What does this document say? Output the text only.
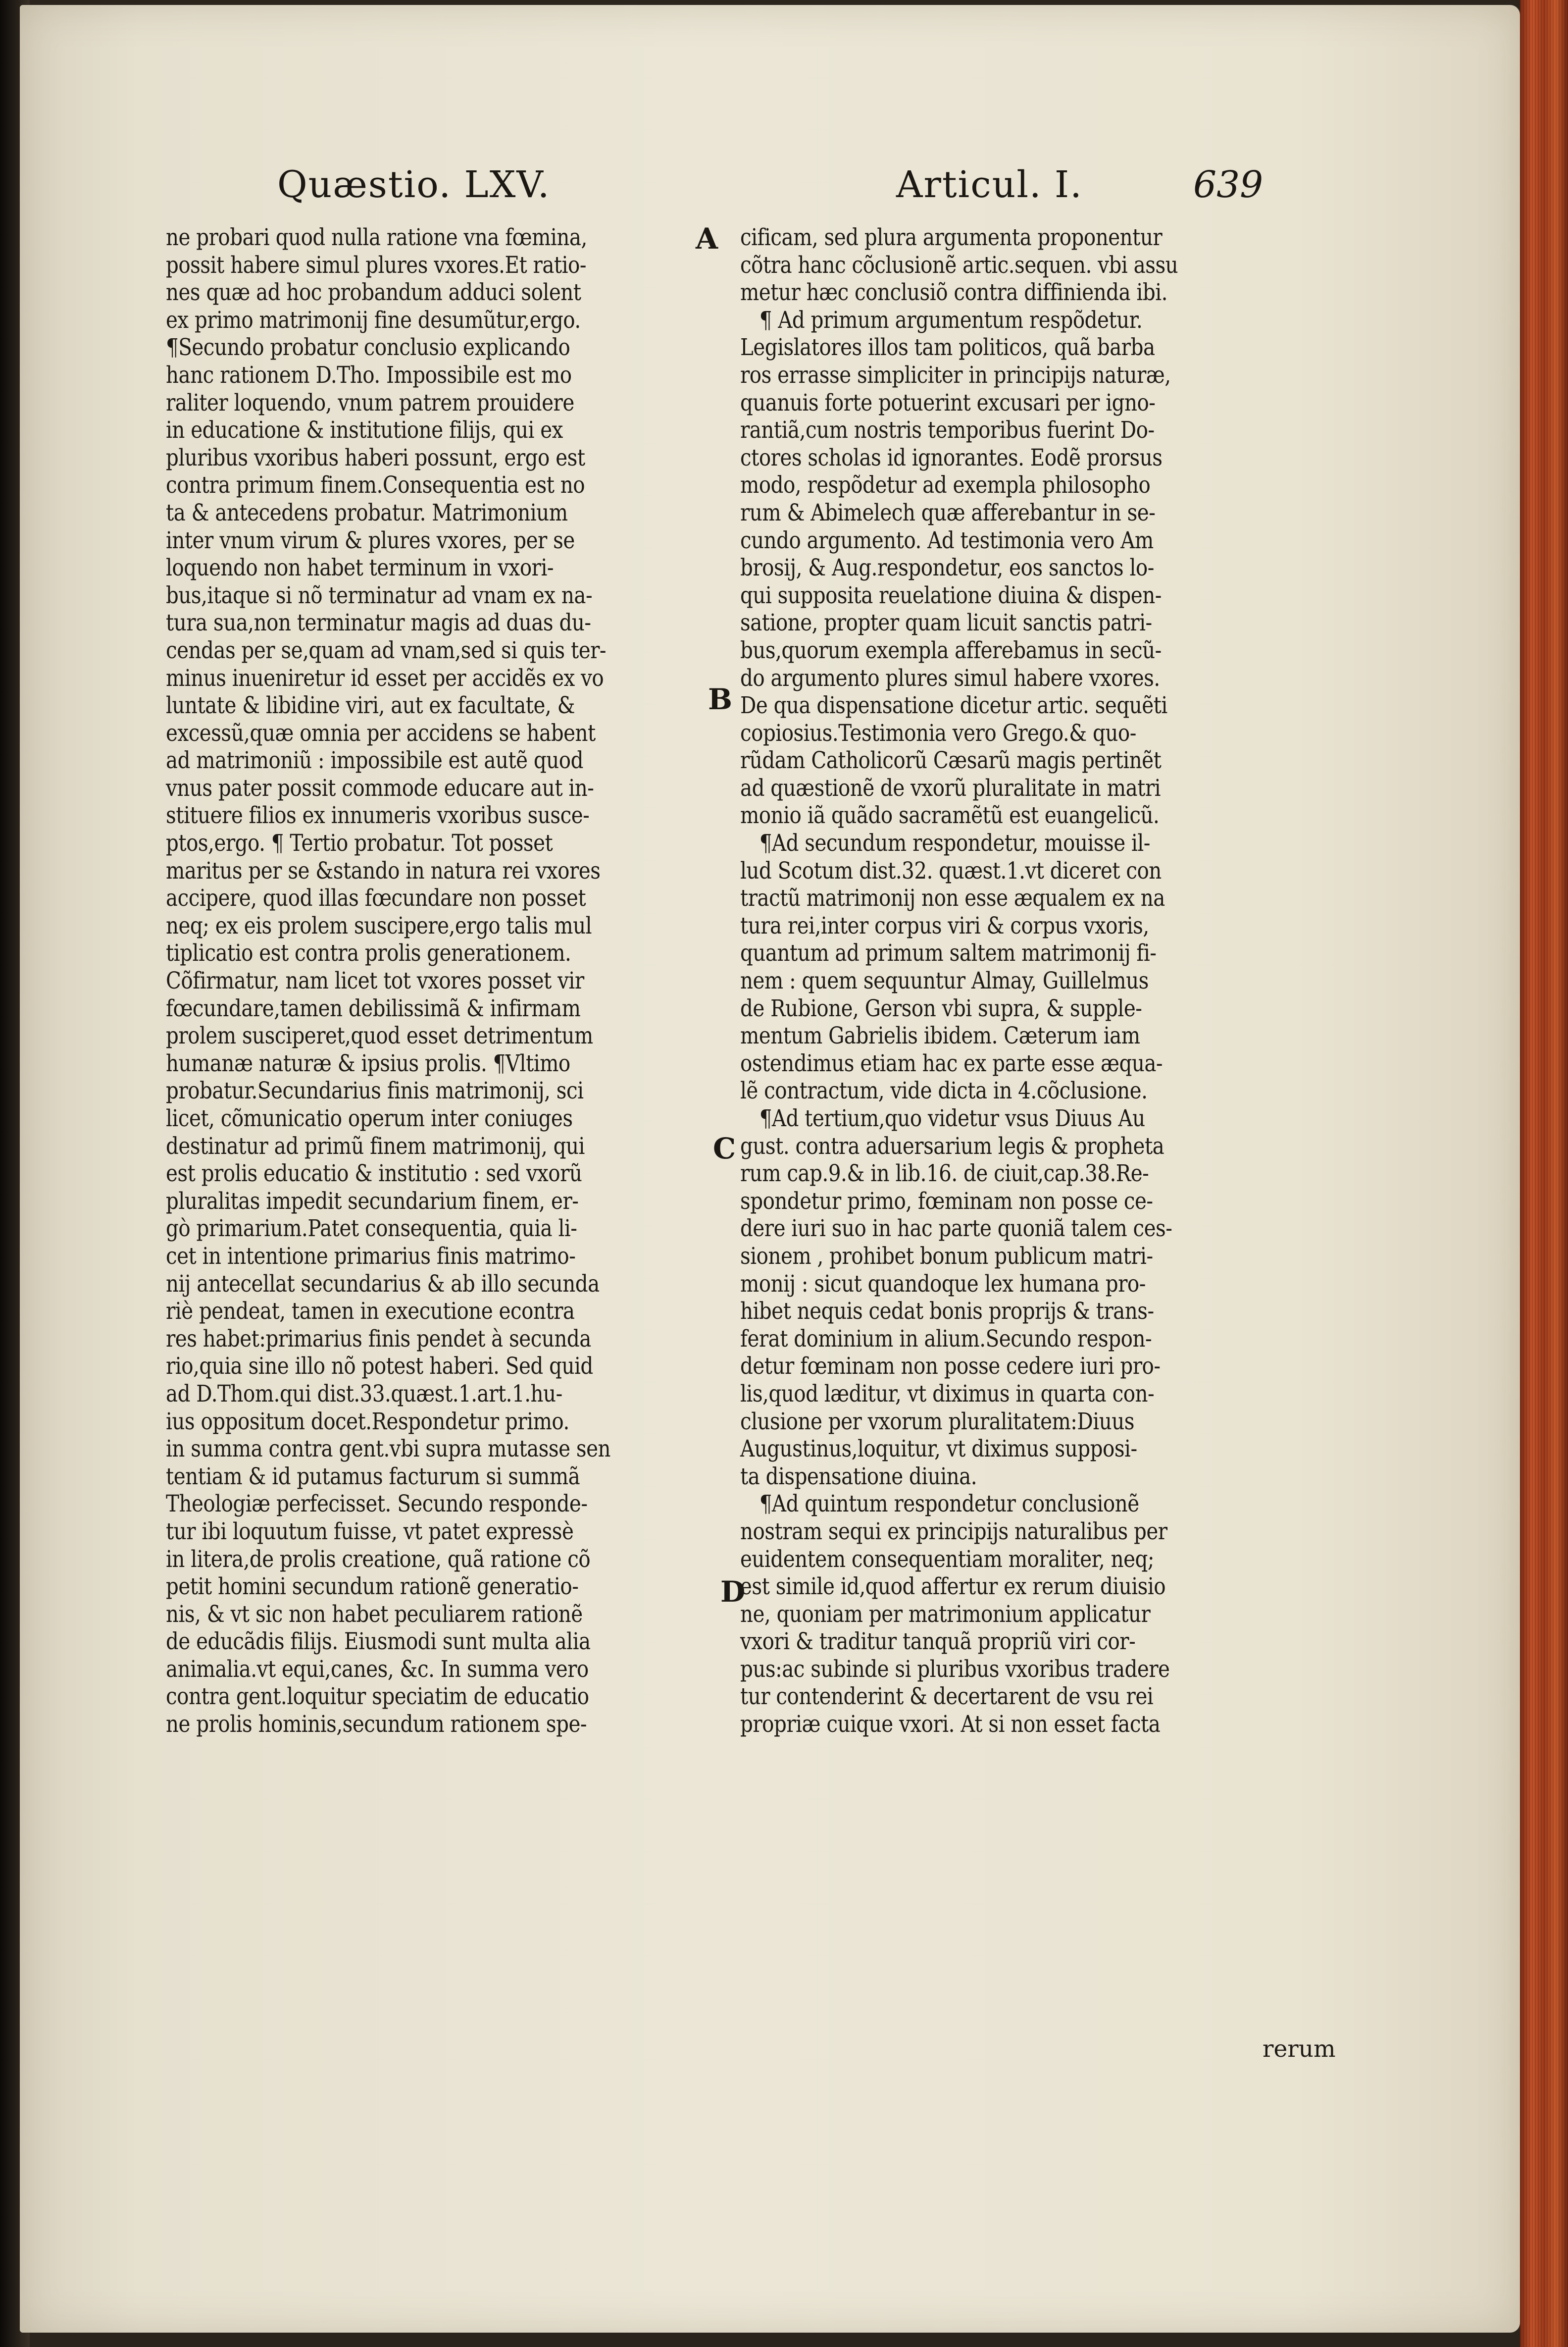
Quæstio. LXV.	Articul. I.	639
A
B
C
D
ne probari quod nulla ratione vna fœmina,
possit habere simul plures vxores.Et ratio-
nes quæ ad hoc probandum adduci solent
ex primo matrimonij fine desumũtur,ergo.
¶Secundo probatur conclusio explicando
hanc rationem D.Tho. Impossibile est mo
raliter loquendo, vnum patrem prouidere
in educatione & institutione filijs, qui ex
pluribus vxoribus haberi possunt, ergo est
contra primum finem.Consequentia est no
ta & antecedens probatur. Matrimonium
inter vnum virum & plures vxores, per se
loquendo non habet terminum in vxori-
bus,itaque si nõ terminatur ad vnam ex na-
tura sua,non terminatur magis ad duas du-
cendas per se,quam ad vnam,sed si quis ter-
minus inueniretur id esset per accidẽs ex vo
luntate & libidine viri, aut ex facultate, &
excessũ,quæ omnia per accidens se habent
ad matrimoniũ : impossibile est autẽ quod
vnus pater possit commode educare aut in-
stituere filios ex innumeris vxoribus susce-
ptos,ergo. ¶ Tertio probatur. Tot posset
maritus per se &stando in natura rei vxores
accipere, quod illas fœcundare non posset
neq; ex eis prolem suscipere,ergo talis mul
tiplicatio est contra prolis generationem.
Cõfirmatur, nam licet tot vxores posset vir
fœcundare,tamen debilissimã & infirmam
prolem susciperet,quod esset detrimentum
humanæ naturæ & ipsius prolis. ¶Vltimo
probatur.Secundarius finis matrimonij, sci
licet, cõmunicatio operum inter coniuges
destinatur ad primũ finem matrimonij, qui
est prolis educatio & institutio : sed vxorũ
pluralitas impedit secundarium finem, er-
gò primarium.Patet consequentia, quia li-
cet in intentione primarius finis matrimo-
nij antecellat secundarius & ab illo secunda
riè pendeat, tamen in executione econtra
res habet:primarius finis pendet à secunda
rio,quia sine illo nõ potest haberi. Sed quid
ad D.Thom.qui dist.33.quæst.1.art.1.hu-
ius oppositum docet.Respondetur primo.
in summa contra gent.vbi supra mutasse sen
tentiam & id putamus facturum si summã
Theologiæ perfecisset. Secundo responde-
tur ibi loquutum fuisse, vt patet expressè
in litera,de prolis creatione, quã ratione cõ
petit homini secundum rationẽ generatio-
nis, & vt sic non habet peculiarem rationẽ
de educãdis filijs. Eiusmodi sunt multa alia
animalia.vt equi,canes, &c. In summa vero
contra gent.loquitur speciatim de educatio
ne prolis hominis,secundum rationem spe-
cificam, sed plura argumenta proponentur
cõtra hanc cõclusionẽ artic.sequen. vbi assu
metur hæc conclusiõ contra diffinienda ibi.
¶ Ad primum argumentum respõdetur.
Legislatores illos tam politicos, quã barba
ros errasse simpliciter in principijs naturæ,
quanuis forte potuerint excusari per igno-
rantiã,cum nostris temporibus fuerint Do-
ctores scholas id ignorantes. Eodẽ prorsus
modo, respõdetur ad exempla philosopho
rum & Abimelech quæ afferebantur in se-
cundo argumento. Ad testimonia vero Am
brosij, & Aug.respondetur, eos sanctos lo-
qui supposita reuelatione diuina & dispen-
satione, propter quam licuit sanctis patri-
bus,quorum exempla afferebamus in secũ-
do argumento plures simul habere vxores.
De qua dispensatione dicetur artic. sequẽti
copiosius.Testimonia vero Grego.& quo-
rũdam Catholicorũ Cæsarũ magis pertinẽt
ad quæstionẽ de vxorũ pluralitate in matri
monio iã quãdo sacramẽtũ est euangelicũ.
¶Ad secundum respondetur, mouisse il-
lud Scotum dist.32. quæst.1.vt diceret con
tractũ matrimonij non esse æqualem ex na
tura rei,inter corpus viri & corpus vxoris,
quantum ad primum saltem matrimonij fi-
nem : quem sequuntur Almay, Guillelmus
de Rubione, Gerson vbi supra, & supple-
mentum Gabrielis ibidem. Cæterum iam
ostendimus etiam hac ex parte esse æqua-
lẽ contractum, vide dicta in 4.cõclusione.
¶Ad tertium,quo videtur vsus Diuus Au
gust. contra aduersarium legis & propheta
rum cap.9.& in lib.16. de ciuit,cap.38.Re-
spondetur primo, fœminam non posse ce-
dere iuri suo in hac parte quoniã talem ces-
sionem , prohibet bonum publicum matri-
monij : sicut quandoque lex humana pro-
hibet nequis cedat bonis proprijs & trans-
ferat dominium in alium.Secundo respon-
detur fœminam non posse cedere iuri pro-
lis,quod læditur, vt diximus in quarta con-
clusione per vxorum pluralitatem:Diuus
Augustinus,loquitur, vt diximus supposi-
ta dispensatione diuina.
¶Ad quintum respondetur conclusionẽ
nostram sequi ex principijs naturalibus per
euidentem consequentiam moraliter, neq;
est simile id,quod affertur ex rerum diuisio
ne, quoniam per matrimonium applicatur
vxori & traditur tanquã propriũ viri cor-
pus:ac subinde si pluribus vxoribus tradere
tur contenderint & decertarent de vsu rei
propriæ cuique vxori. At si non esset facta
rerum
